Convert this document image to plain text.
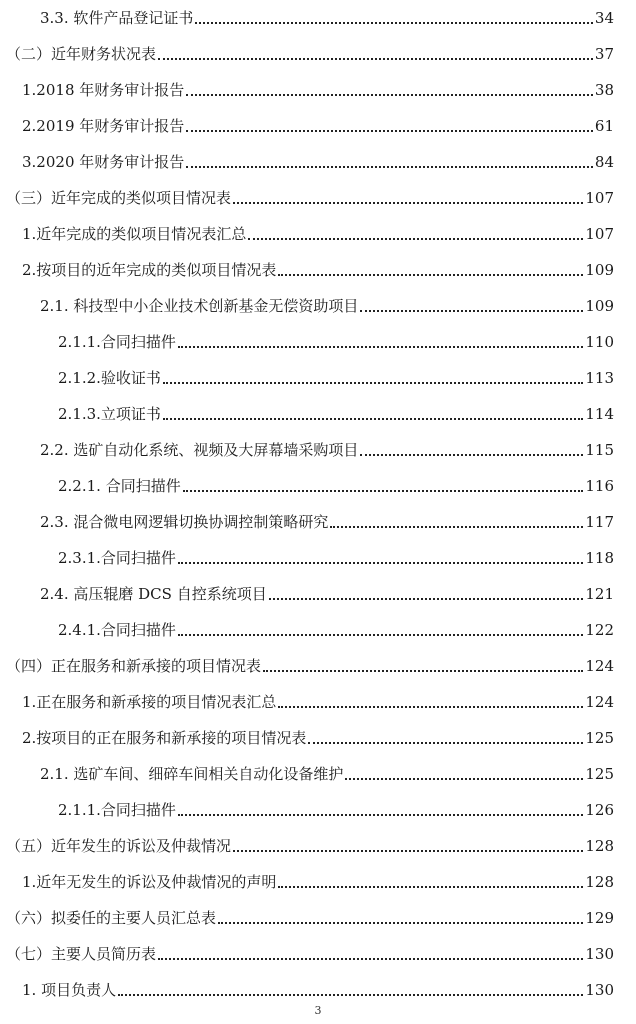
3.3. 软件产品登记证书	34
（二）近年财务状况表	37
1.2018 年财务审计报告	38
2.2019 年财务审计报告	61
3.2020 年财务审计报告	84
（三）近年完成的类似项目情况表	107
1.近年完成的类似项目情况表汇总	107
2.按项目的近年完成的类似项目情况表	109
2.1. 科技型中小企业技术创新基金无偿资助项目	109
2.1.1.合同扫描件	110
2.1.2.验收证书	113
2.1.3.立项证书	114
2.2. 选矿自动化系统、视频及大屏幕墙采购项目	115
2.2.1. 合同扫描件	116
2.3. 混合微电网逻辑切换协调控制策略研究	117
2.3.1.合同扫描件	118
2.4. 高压辊磨 DCS 自控系统项目	121
2.4.1.合同扫描件	122
（四）正在服务和新承接的项目情况表	124
1.正在服务和新承接的项目情况表汇总	124
2.按项目的正在服务和新承接的项目情况表	125
2.1. 选矿车间、细碎车间相关自动化设备维护	125
2.1.1.合同扫描件	126
（五）近年发生的诉讼及仲裁情况	128
1.近年无发生的诉讼及仲裁情况的声明	128
（六）拟委任的主要人员汇总表	129
（七）主要人员简历表	130
1. 项目负责人	130
3
